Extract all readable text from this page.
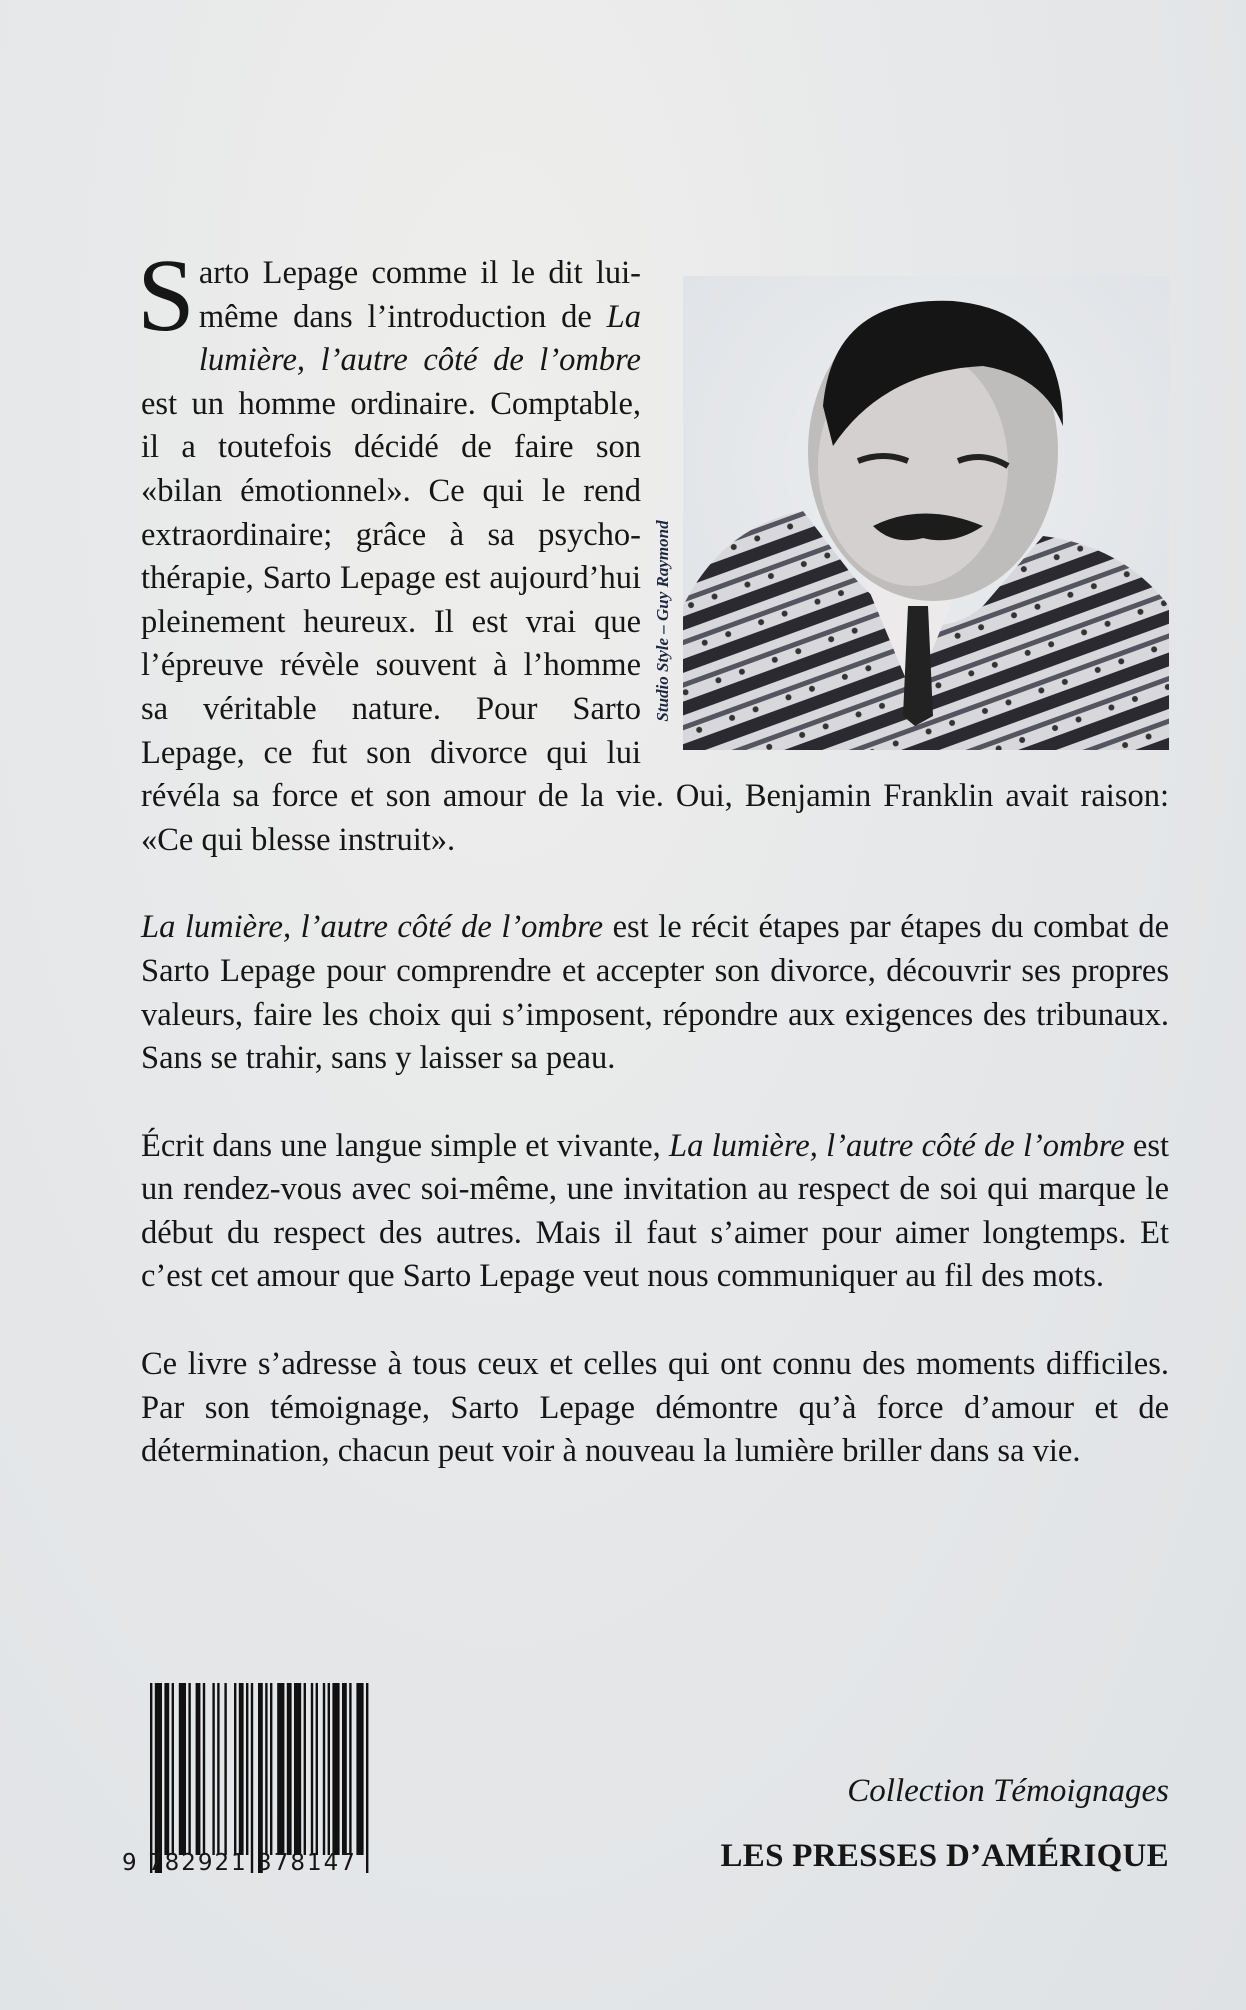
Studio Style – Guy Raymond
S arto Lepage comme il le dit lui-même dans l’introduction de La lumière, l’autre côté de l’ombre est un homme ordinaire. Comptable, il a toutefois décidé de faire son «bilan émotionnel». Ce qui le rend extraordinaire; grâce à sa psychothérapie, Sarto Lepage est aujourd’hui pleinement heureux. Il est vrai que l’épreuve révèle souvent à l’homme sa véritable nature. Pour Sarto Lepage, ce fut son divorce qui lui révéla sa force et son amour de la vie. Oui, Benjamin Franklin avait raison: «Ce qui blesse instruit».

La lumière, l’autre côté de l’ombre est le récit étapes par étapes du combat de Sarto Lepage pour comprendre et accepter son divorce, découvrir ses propres valeurs, faire les choix qui s’imposent, répondre aux exigences des tribunaux. Sans se trahir, sans y laisser sa peau.

Écrit dans une langue simple et vivante, La lumière, l’autre côté de l’ombre est un rendez-vous avec soi-même, une invitation au respect de soi qui marque le début du respect des autres. Mais il faut s’aimer pour aimer longtemps. Et c’est cet amour que Sarto Lepage veut nous communiquer au fil des mots.

Ce livre s’adresse à tous ceux et celles qui ont connu des moments difficiles. Par son témoignage, Sarto Lepage démontre qu’à force d’amour et de détermination, chacun peut voir à nouveau la lumière briller dans sa vie.

9 782921 378147
Collection Témoignages
LES PRESSES D’AMÉRIQUE
